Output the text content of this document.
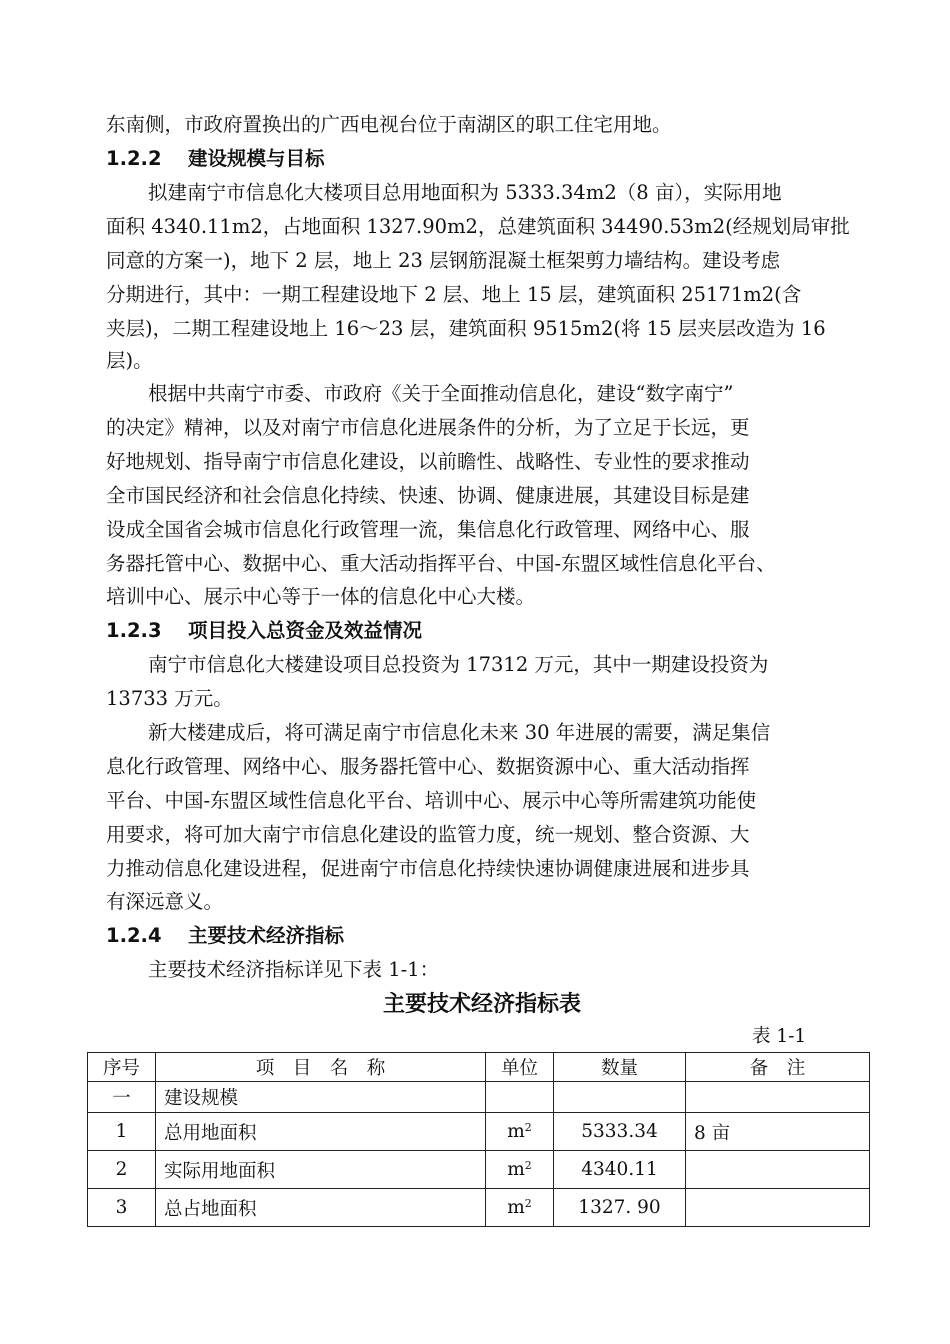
东南侧，市政府置换出的广西电视台位于南湖区的职工住宅用地。
1.2.2 建设规模与目标
拟建南宁市信息化大楼项目总用地面积为 5333.34m2（8 亩），实际用地
面积 4340.11m2，占地面积 1327.90m2，总建筑面积 34490.53m2(经规划局审批
同意的方案一)，地下 2 层，地上 23 层钢筋混凝土框架剪力墙结构。建设考虑
分期进行，其中：一期工程建设地下 2 层、地上 15 层，建筑面积 25171m2(含
夹层)，二期工程建设地上 16～23 层，建筑面积 9515m2(将 15 层夹层改造为 16
层)。
根据中共南宁市委、市政府《关于全面推动信息化，建设“数字南宁”
的决定》精神，以及对南宁市信息化进展条件的分析，为了立足于长远，更
好地规划、指导南宁市信息化建设，以前瞻性、战略性、专业性的要求推动
全市国民经济和社会信息化持续、快速、协调、健康进展，其建设目标是建
设成全国省会城市信息化行政管理一流，集信息化行政管理、网络中心、服
务器托管中心、数据中心、重大活动指挥平台、中国-东盟区域性信息化平台、
培训中心、展示中心等于一体的信息化中心大楼。
1.2.3 项目投入总资金及效益情况
南宁市信息化大楼建设项目总投资为 17312 万元，其中一期建设投资为
13733 万元。
新大楼建成后，将可满足南宁市信息化未来 30 年进展的需要，满足集信
息化行政管理、网络中心、服务器托管中心、数据资源中心、重大活动指挥
平台、中国-东盟区域性信息化平台、培训中心、展示中心等所需建筑功能使
用要求，将可加大南宁市信息化建设的监管力度，统一规划、整合资源、大
力推动信息化建设进程，促进南宁市信息化持续快速协调健康进展和进步具
有深远意义。
1.2.4 主要技术经济指标
主要技术经济指标详见下表 1-1：
主要技术经济指标表
表 1-1
序号	项　目　名　称	单位	数量	备　注
一	建设规模			
1	总用地面积	$m^2$	5333.34	8 亩
2	实际用地面积	$m^2$	4340.11	
3	总占地面积	$m^2$	1327. 90	
